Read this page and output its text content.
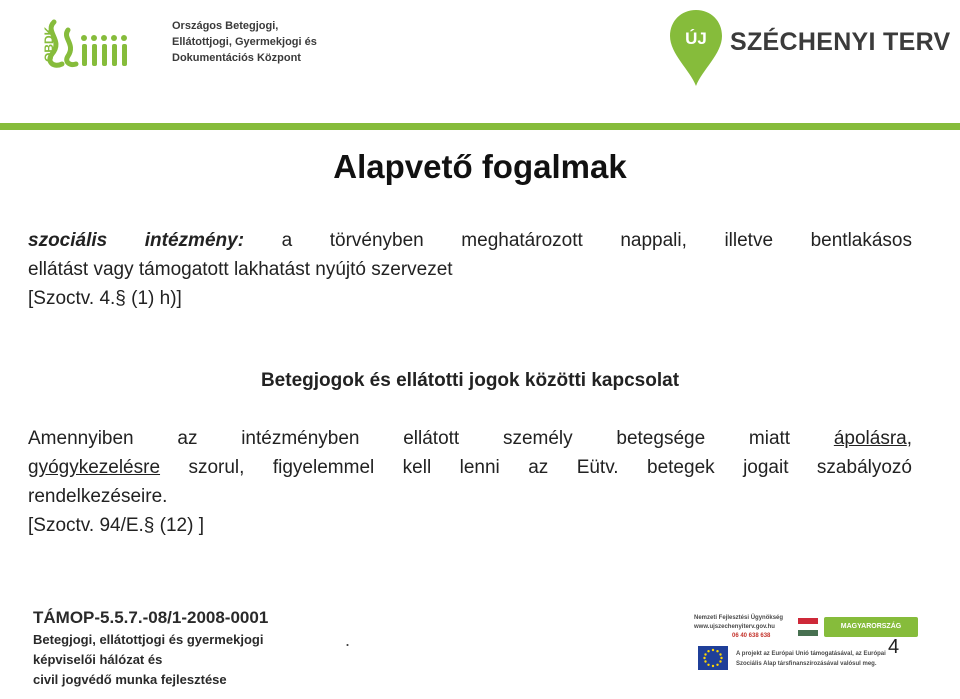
OBDK
Országos Betegjogi,
Ellátottjogi, Gyermekjogi és
Dokumentációs Központ
ÚJ SZÉCHENYI TERV
Alapvető fogalmak
szociális intézmény: a törvényben meghatározott nappali, illetve bentlakásos
ellátást vagy támogatott lakhatást nyújtó szervezet
[Szoctv. 4.§ (1) h)]
Betegjogok és ellátotti jogok közötti kapcsolat
Amennyiben az intézményben ellátott személy betegsége miatt ápolásra,
gyógykezelésre szorul, figyelemmel kell lenni az Eütv. betegek jogait szabályozó
rendelkezéseire.
[Szoctv. 94/E.§ (12) ]
TÁMOP-5.5.7.-08/1-2008-0001
Betegjogi, ellátottjogi és gyermekjogi
képviselői hálózat és
civil jogvédő munka fejlesztése
.
Nemzeti Fejlesztési Ügynökség
www.ujszechenyiterv.gov.hu
06 40 638 638
MAGYARORSZÁG MEGÚJUL
A projekt az Európai Unió támogatásával, az Európai
Szociális Alap társfinanszírozásával valósul meg.
4
